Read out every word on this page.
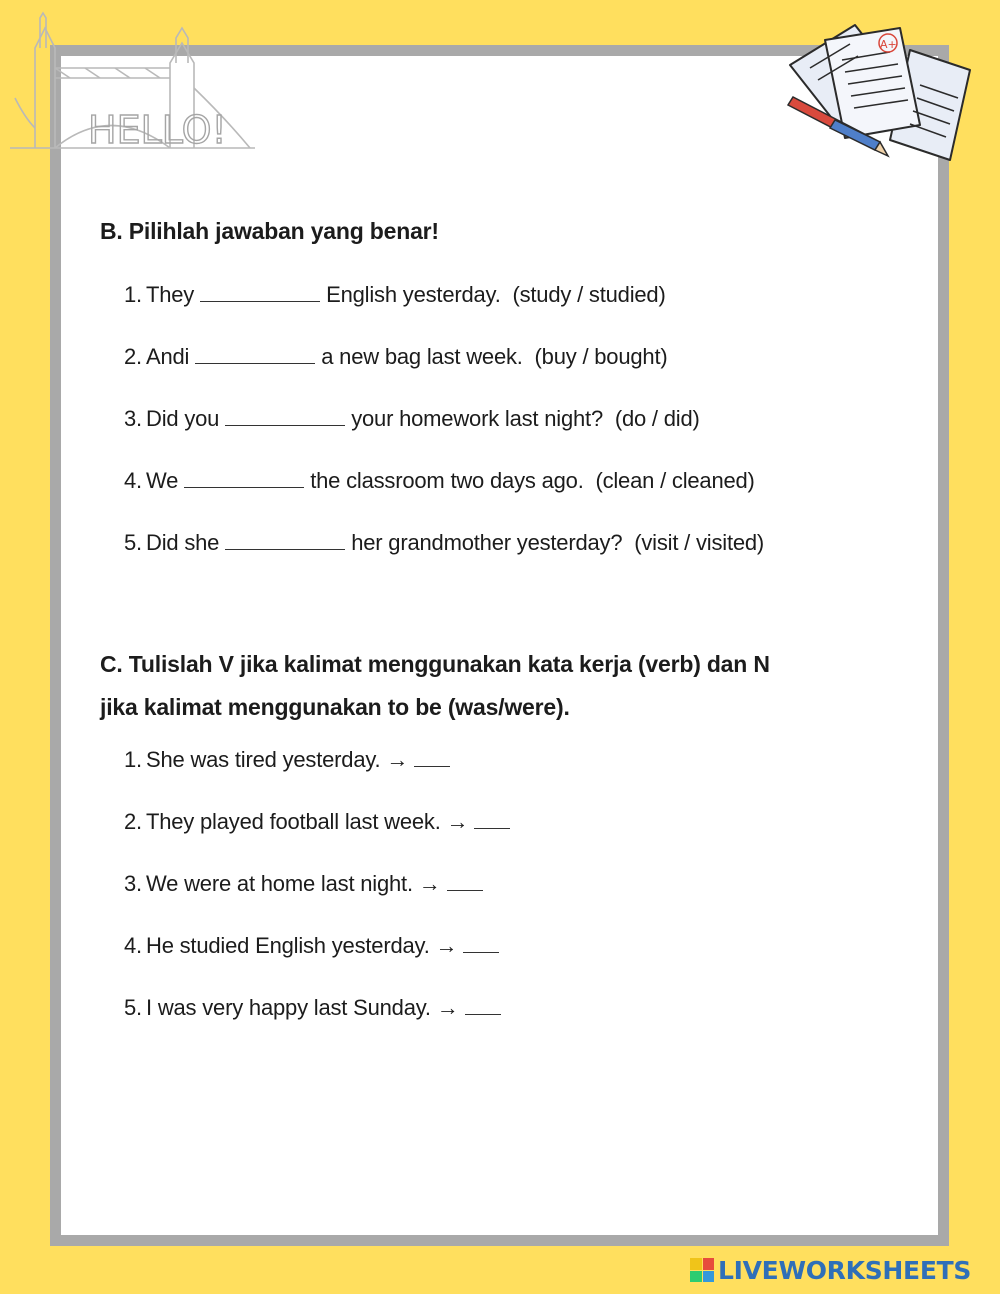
HELLO!
A+
B. Pilihlah jawaban yang benar!
1. They	English yesterday. (study / studied)
2. Andi	a new bag last week. (buy / bought)
3. Did you	your homework last night? (do / did)
4. We	the classroom two days ago. (clean / cleaned)
5. Did she	her grandmother yesterday? (visit / visited)
C. Tulislah V jika kalimat menggunakan kata kerja (verb) dan N
jika kalimat menggunakan to be (was/were).
1. She was tired yesterday. →
2. They played football last week. →
3. We were at home last night. →
4. He studied English yesterday. →
5. I was very happy last Sunday. →
LIVEWORKSHEETS
